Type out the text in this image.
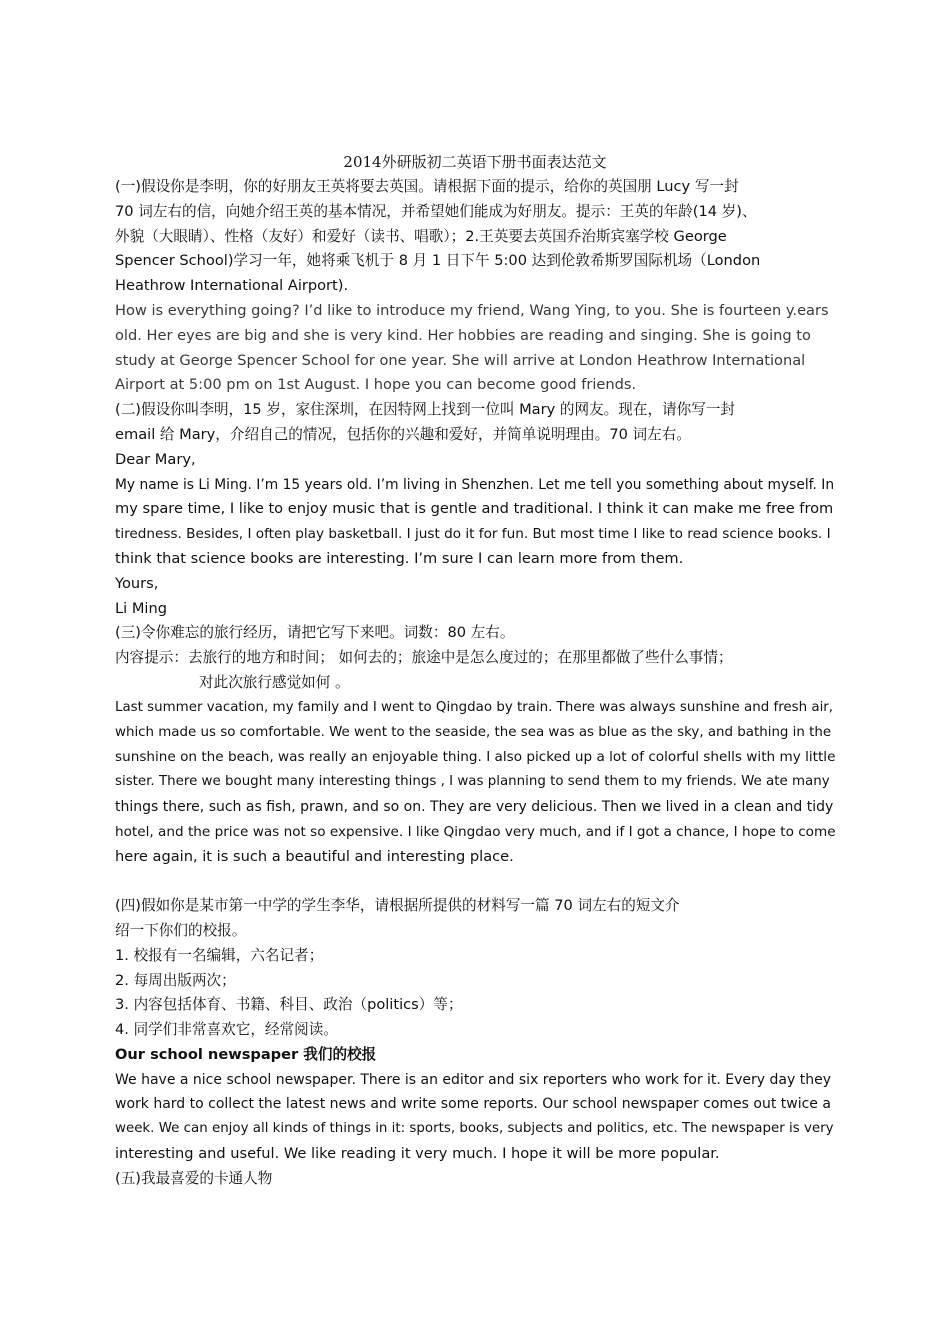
2014外研版初二英语下册书面表达范文
(一)假设你是李明，你的好朋友王英将要去英国。请根据下面的提示，给你的英国朋 Lucy 写一封
70 词左右的信，向她介绍王英的基本情况，并希望她们能成为好朋友。提示：王英的年龄(14 岁)、
外貌（大眼睛）、性格（友好）和爱好（读书、唱歌）；2.王英要去英国乔治斯宾塞学校 George
Spencer School)学习一年，她将乘飞机于 8 月 1 日下午 5:00 达到伦敦希斯罗国际机场（London
Heathrow International Airport).
How is everything going? I’d like to introduce my friend, Wang Ying, to you. She is fourteen y.ears
old. Her eyes are big and she is very kind. Her hobbies are reading and singing. She is going to
study at George Spencer School for one year. She will arrive at London Heathrow International
Airport at 5:00 pm on 1st August. I hope you can become good friends.
(二)假设你叫李明，15 岁，家住深圳，在因特网上找到一位叫 Mary 的网友。现在，请你写一封
email 给 Mary，介绍自己的情况，包括你的兴趣和爱好，并简单说明理由。70 词左右。
Dear Mary,
My name is Li Ming. I’m 15 years old. I’m living in Shenzhen. Let me tell you something about myself. In
my spare time, I like to enjoy music that is gentle and traditional. I think it can make me free from
tiredness. Besides, I often play basketball. I just do it for fun. But most time I like to read science books. I
think that science books are interesting. I’m sure I can learn more from them.
Yours,
Li Ming
(三)令你难忘的旅行经历，请把它写下来吧。词数：80 左右。
内容提示：去旅行的地方和时间； 如何去的；旅途中是怎么度过的；在那里都做了些什么事情；
对此次旅行感觉如何 。
Last summer vacation, my family and I went to Qingdao by train. There was always sunshine and fresh air,
which made us so comfortable. We went to the seaside, the sea was as blue as the sky, and bathing in the
sunshine on the beach, was really an enjoyable thing. I also picked up a lot of colorful shells with my little
sister. There we bought many interesting things , I was planning to send them to my friends. We ate many
things there, such as fish, prawn, and so on. They are very delicious. Then we lived in a clean and tidy
hotel, and the price was not so expensive. I like Qingdao very much, and if I got a chance, I hope to come
here again, it is such a beautiful and interesting place.
(四)假如你是某市第一中学的学生李华，请根据所提供的材料写一篇 70 词左右的短文介
绍一下你们的校报。
1. 校报有一名编辑，六名记者；
2. 每周出版两次；
3. 内容包括体育、书籍、科目、政治（politics）等；
4. 同学们非常喜欢它，经常阅读。
Our school newspaper 我们的校报
We have a nice school newspaper. There is an editor and six reporters who work for it. Every day they
work hard to collect the latest news and write some reports. Our school newspaper comes out twice a
week. We can enjoy all kinds of things in it: sports, books, subjects and politics, etc. The newspaper is very
interesting and useful. We like reading it very much. I hope it will be more popular.
(五)我最喜爱的卡通人物
